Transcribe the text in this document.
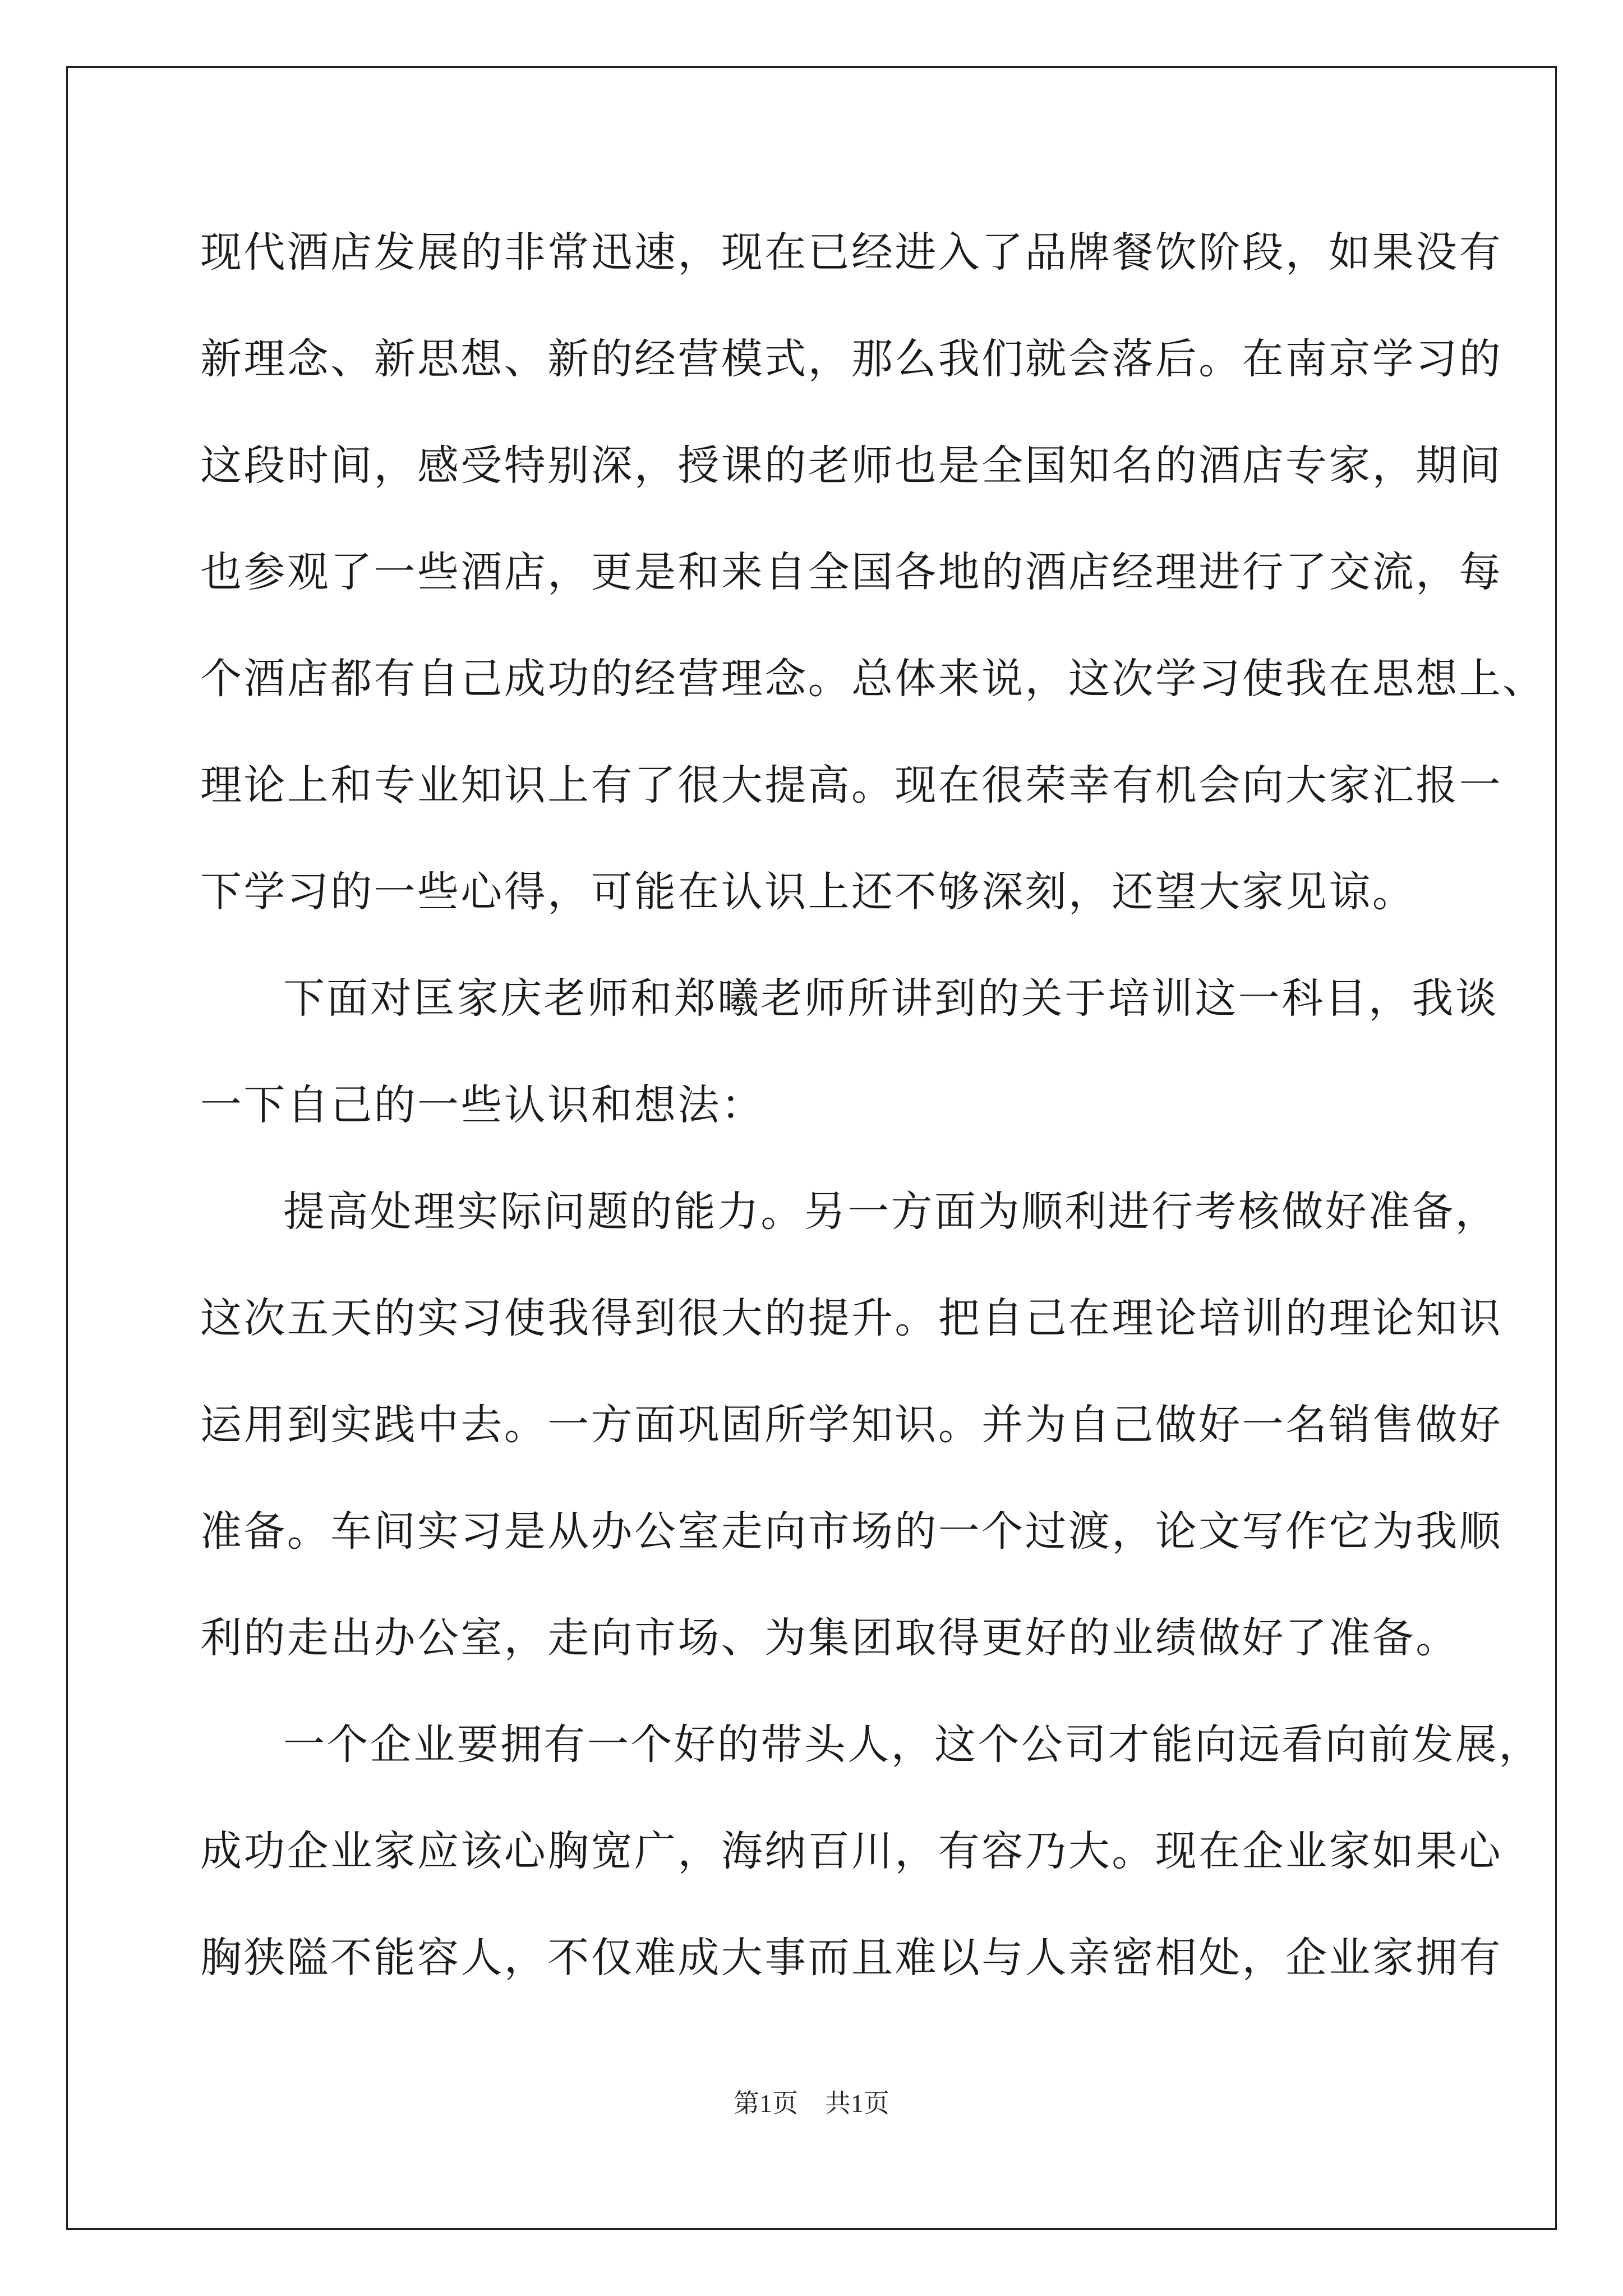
现代酒店发展的非常迅速，现在已经进入了品牌餐饮阶段，如果没有
新理念、新思想、新的经营模式，那么我们就会落后。在南京学习的
这段时间，感受特别深，授课的老师也是全国知名的酒店专家，期间
也参观了一些酒店，更是和来自全国各地的酒店经理进行了交流，每
个酒店都有自己成功的经营理念。总体来说，这次学习使我在思想上、
理论上和专业知识上有了很大提高。现在很荣幸有机会向大家汇报一
下学习的一些心得，可能在认识上还不够深刻，还望大家见谅。
下面对匡家庆老师和郑曦老师所讲到的关于培训这一科目，我谈
一下自己的一些认识和想法：
提高处理实际问题的能力。另一方面为顺利进行考核做好准备，
这次五天的实习使我得到很大的提升。把自己在理论培训的理论知识
运用到实践中去。一方面巩固所学知识。并为自己做好一名销售做好
准备。车间实习是从办公室走向市场的一个过渡，论文写作它为我顺
利的走出办公室，走向市场、为集团取得更好的业绩做好了准备。
一个企业要拥有一个好的带头人，这个公司才能向远看向前发展，
成功企业家应该心胸宽广，海纳百川，有容乃大。现在企业家如果心
胸狭隘不能容人，不仅难成大事而且难以与人亲密相处，企业家拥有
第1页 共1页
